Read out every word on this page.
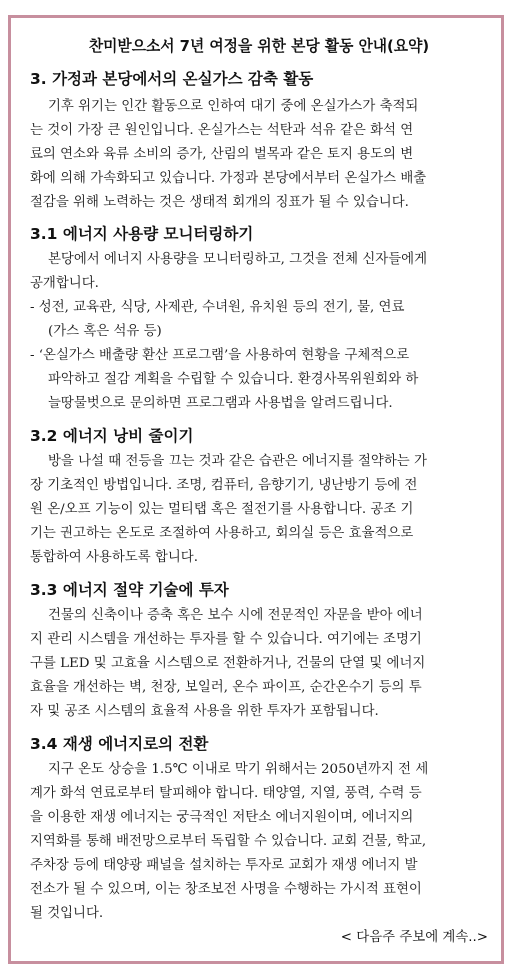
찬미받으소서 7년 여정을 위한 본당 활동 안내(요약)
3. 가정과 본당에서의 온실가스 감축 활동
기후 위기는 인간 활동으로 인하여 대기 중에 온실가스가 축적되
는 것이 가장 큰 원인입니다. 온실가스는 석탄과 석유 같은 화석 연
료의 연소와 육류 소비의 증가, 산림의 벌목과 같은 토지 용도의 변
화에 의해 가속화되고 있습니다. 가정과 본당에서부터 온실가스 배출
절감을 위해 노력하는 것은 생태적 회개의 징표가 될 수 있습니다.
3.1 에너지 사용량 모니터링하기
본당에서 에너지 사용량을 모니터링하고, 그것을 전체 신자들에게
공개합니다.
- 성전, 교육관, 식당, 사제관, 수녀원, 유치원 등의 전기, 물, 연료
(가스 혹은 석유 등)
- ‘온실가스 배출량 환산 프로그램’을 사용하여 현황을 구체적으로
파악하고 절감 계획을 수립할 수 있습니다. 환경사목위원회와 하
늘땅물벗으로 문의하면 프로그램과 사용법을 알려드립니다.
3.2 에너지 낭비 줄이기
방을 나설 때 전등을 끄는 것과 같은 습관은 에너지를 절약하는 가
장 기초적인 방법입니다. 조명, 컴퓨터, 음향기기, 냉난방기 등에 전
원 온/오프 기능이 있는 멀티탭 혹은 절전기를 사용합니다. 공조 기
기는 권고하는 온도로 조절하여 사용하고, 회의실 등은 효율적으로
통합하여 사용하도록 합니다.
3.3 에너지 절약 기술에 투자
건물의 신축이나 증축 혹은 보수 시에 전문적인 자문을 받아 에너
지 관리 시스템을 개선하는 투자를 할 수 있습니다. 여기에는 조명기
구를 LED 및 고효율 시스템으로 전환하거나, 건물의 단열 및 에너지
효율을 개선하는 벽, 천장, 보일러, 온수 파이프, 순간온수기 등의 투
자 및 공조 시스템의 효율적 사용을 위한 투자가 포함됩니다.
3.4 재생 에너지로의 전환
지구 온도 상승을 1.5℃ 이내로 막기 위해서는 2050년까지 전 세
계가 화석 연료로부터 탈피해야 합니다. 태양열, 지열, 풍력, 수력 등
을 이용한 재생 에너지는 궁극적인 저탄소 에너지원이며, 에너지의
지역화를 통해 배전망으로부터 독립할 수 있습니다. 교회 건물, 학교,
주차장 등에 태양광 패널을 설치하는 투자로 교회가 재생 에너지 발
전소가 될 수 있으며, 이는 창조보전 사명을 수행하는 가시적 표현이
될 것입니다.
< 다음주 주보에 계속..>
